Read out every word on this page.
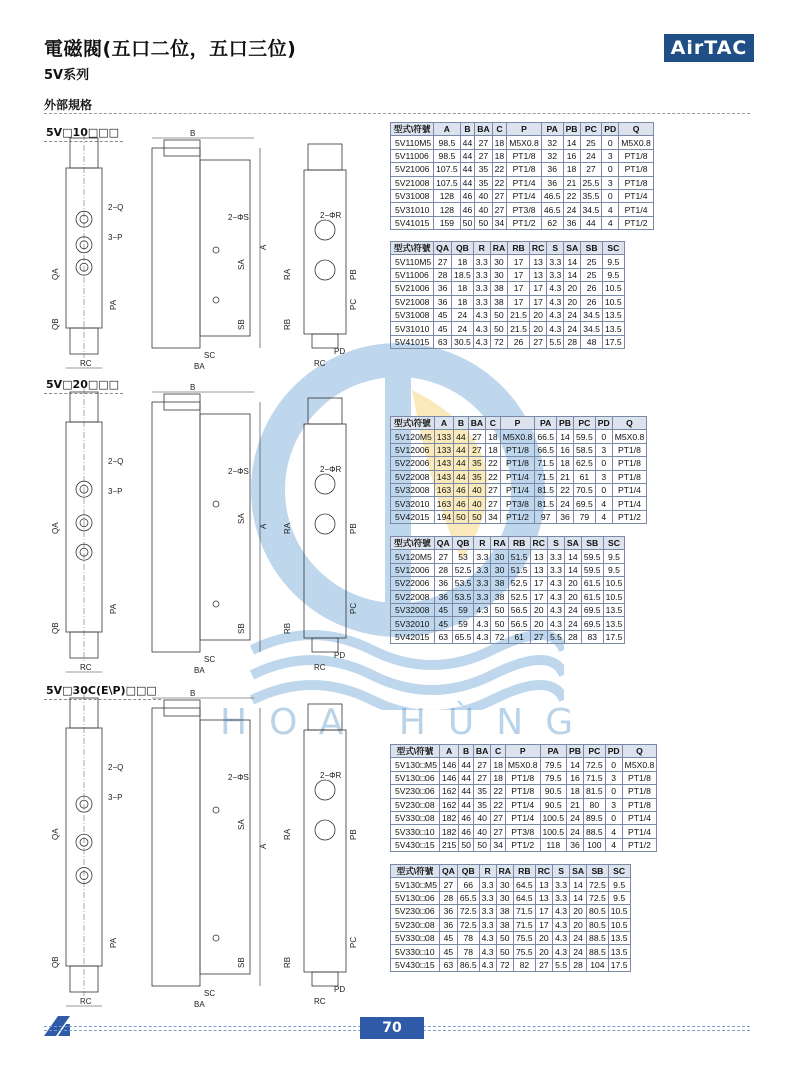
電磁閥(五口二位，五口三位)
5V系列
AirTAC
外部規格
5V□10□□□
2−Q
3−P
QA
QB
PA
RC
B
A
2−ΦS
SA
SB
SC
BA
2−ΦR
RA
RB
PB
PC
PD
RC
型式\符號	A	B	BA	C	P	PA	PB	PC	PD	Q
5V110M5	98.5	44	27	18	M5X0.8	32	14	25	0	M5X0.8
5V11006	98.5	44	27	18	PT1/8	32	16	24	3	PT1/8
5V21006	107.5	44	35	22	PT1/8	36	18	27	0	PT1/8
5V21008	107.5	44	35	22	PT1/4	36	21	25.5	3	PT1/8
5V31008	128	46	40	27	PT1/4	46.5	22	35.5	0	PT1/4
5V31010	128	46	40	27	PT3/8	46.5	24	34.5	4	PT1/4
5V41015	159	50	50	34	PT1/2	62	36	44	4	PT1/2
型式\符號	QA	QB	R	RA	RB	RC	S	SA	SB	SC
5V110M5	27	18	3.3	30	17	13	3.3	14	25	9.5
5V11006	28	18.5	3.3	30	17	13	3.3	14	25	9.5
5V21006	36	18	3.3	38	17	17	4.3	20	26	10.5
5V21008	36	18	3.3	38	17	17	4.3	20	26	10.5
5V31008	45	24	4.3	50	21.5	20	4.3	24	34.5	13.5
5V31010	45	24	4.3	50	21.5	20	4.3	24	34.5	13.5
5V41015	63	30.5	4.3	72	26	27	5.5	28	48	17.5
5V□20□□□
2−Q
3−P
QA
QB
PA
RC
B
A
2−ΦS
SA
SB
SC
BA
2−ΦR
RA
RB
PB
PC
PD
RC
型式\符號	A	B	BA	C	P	PA	PB	PC	PD	Q
5V120M5	133	44	27	18	M5X0.8	66.5	14	59.5	0	M5X0.8
5V12006	133	44	27	18	PT1/8	66.5	16	58.5	3	PT1/8
5V22006	143	44	35	22	PT1/8	71.5	18	62.5	0	PT1/8
5V22008	143	44	35	22	PT1/4	71.5	21	61	3	PT1/8
5V32008	163	46	40	27	PT1/4	81.5	22	70.5	0	PT1/4
5V32010	163	46	40	27	PT3/8	81.5	24	69.5	4	PT1/4
5V42015	194	50	50	34	PT1/2	97	36	79	4	PT1/2
型式\符號	QA	QB	R	RA	RB	RC	S	SA	SB	SC
5V120M5	27	53	3.3	30	51.5	13	3.3	14	59.5	9.5
5V12006	28	52.5	3.3	30	51.5	13	3.3	14	59.5	9.5
5V22006	36	53.5	3.3	38	52.5	17	4.3	20	61.5	10.5
5V22008	36	53.5	3.3	38	52.5	17	4.3	20	61.5	10.5
5V32008	45	59	4.3	50	56.5	20	4.3	24	69.5	13.5
5V32010	45	59	4.3	50	56.5	20	4.3	24	69.5	13.5
5V42015	63	65.5	4.3	72	61	27	5.5	28	83	17.5
HOA HÙNG
5V□30C(E\P)□□□
2−Q
3−P
QA
QB
PA
RC
B
A
2−ΦS
SA
SB
SC
BA
2−ΦR
RA
RB
PB
PC
PD
RC
型式\符號	A	B	BA	C	P	PA	PB	PC	PD	Q
5V130□M5	146	44	27	18	M5X0.8	79.5	14	72.5	0	M5X0.8
5V130□06	146	44	27	18	PT1/8	79.5	16	71.5	3	PT1/8
5V230□06	162	44	35	22	PT1/8	90.5	18	81.5	0	PT1/8
5V230□08	162	44	35	22	PT1/4	90.5	21	80	3	PT1/8
5V330□08	182	46	40	27	PT1/4	100.5	24	89.5	0	PT1/4
5V330□10	182	46	40	27	PT3/8	100.5	24	88.5	4	PT1/4
5V430□15	215	50	50	34	PT1/2	118	36	100	4	PT1/2
型式\符號	QA	QB	R	RA	RB	RC	S	SA	SB	SC
5V130□M5	27	66	3.3	30	64.5	13	3.3	14	72.5	9.5
5V130□06	28	65.5	3.3	30	64.5	13	3.3	14	72.5	9.5
5V230□06	36	72.5	3.3	38	71.5	17	4.3	20	80.5	10.5
5V230□08	36	72.5	3.3	38	71.5	17	4.3	20	80.5	10.5
5V330□08	45	78	4.3	50	75.5	20	4.3	24	88.5	13.5
5V330□10	45	78	4.3	50	75.5	20	4.3	24	88.5	13.5
5V430□15	63	86.5	4.3	72	82	27	5.5	28	104	17.5
70
